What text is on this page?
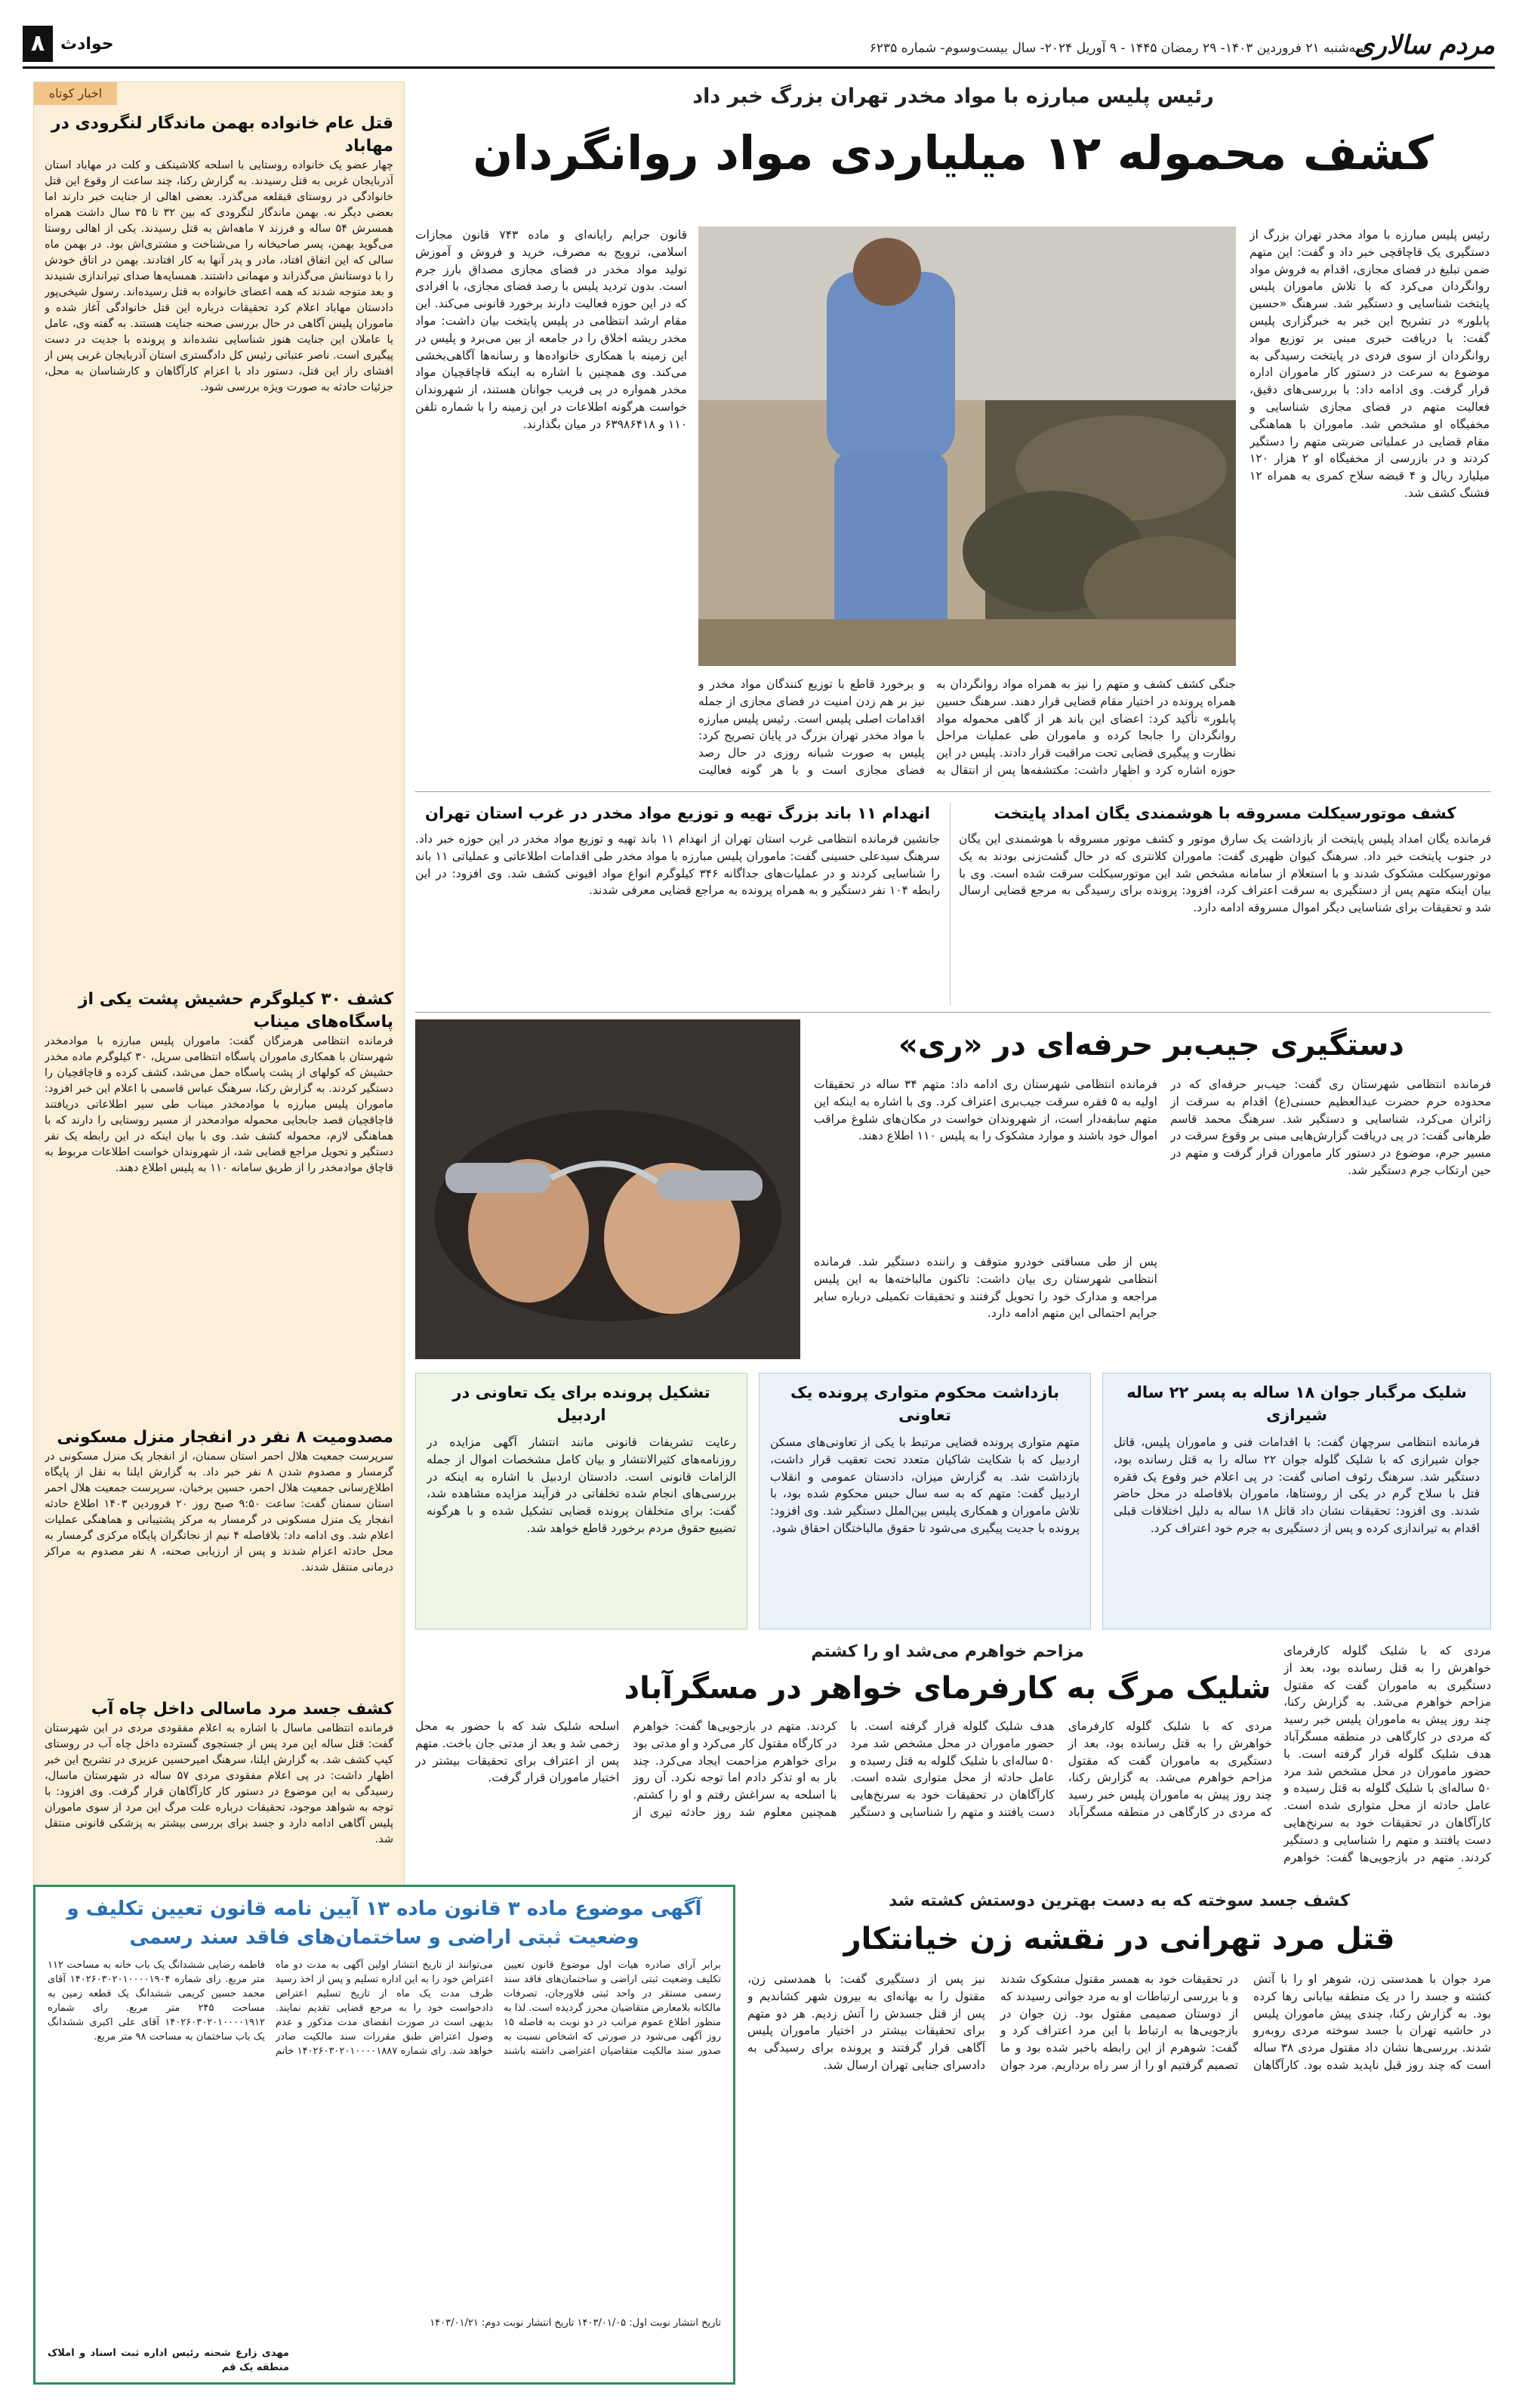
مردم سالاری
سه‌شنبه ۲۱ فروردین ۱۴۰۳- ۲۹ رمضان ۱۴۴۵ - ۹ آوریل ۲۰۲۴- سال بیست‌وسوم- شماره ۶۲۳۵
حوادث
۸
اخبار کوتاه
قتل عام خانواده بهمن ماندگار لنگرودی در مهاباد
چهار عضو یک خانواده روستایی با اسلحه کلاشینکف و کلت در مهاباد استان آذربایجان غربی به قتل رسیدند. به گزارش رکنا، چند ساعت از وقوع این قتل خانوادگی در روستای قبقلعه می‌گذرد. بعضی اهالی از جنایت خبر دارند اما بعضی دیگر نه. بهمن ماندگار لنگرودی که بین ۳۲ تا ۳۵ سال داشت همراه همسرش ۵۴ ساله و فرزند ۷ ماهه‌اش به قتل رسیدند. یکی از اهالی روستا می‌گوید بهمن، پسر صاحبخانه را می‌شناخت و مشتری‌اش بود. در بهمن ماه سالی که این اتفاق افتاد، مادر و پدر آنها به کار افتادند. بهمن در اتاق خودش را با دوستانش می‌گذراند و مهمانی داشتند. همسایه‌ها صدای تیراندازی شنیدند و بعد متوجه شدند که همه اعضای خانواده به قتل رسیده‌اند. رسول شیخی‌پور دادستان مهاباد اعلام کرد تحقیقات درباره این قتل خانوادگی آغاز شده و ماموران پلیس آگاهی در حال بررسی صحنه جنایت هستند. به گفته وی، عامل یا عاملان این جنایت هنوز شناسایی نشده‌اند و پرونده با جدیت در دست پیگیری است. ناصر عتباتی رئیس کل دادگستری استان آذربایجان غربی پس از افشای راز این قتل، دستور داد با اعزام کارآگاهان و کارشناسان به محل، جزئیات حادثه به صورت ویژه بررسی شود.
کشف ۳۰ کیلوگرم حشیش پشت یکی از پاسگاه‌های میناب
فرمانده انتظامی هرمزگان گفت: ماموران پلیس مبارزه با موادمخدر شهرستان با همکاری ماموران پاسگاه انتظامی سرپل، ۳۰ کیلوگرم ماده مخدر حشیش که کولهای از پشت پاسگاه حمل می‌شد، کشف کرده و قاچاقچیان را دستگیر کردند. به گزارش رکنا، سرهنگ عباس قاسمی با اعلام این خبر افزود: ماموران پلیس مبارزه با موادمخدر میناب طی سیر اطلاعاتی دریافتند قاچاقچیان قصد جابجایی محموله موادمخدر از مسیر روستایی را دارند که با هماهنگی لازم، محموله کشف شد. وی با بیان اینکه در این رابطه یک نفر دستگیر و تحویل مراجع قضایی شد، از شهروندان خواست اطلاعات مربوط به قاچاق موادمخدر را از طریق سامانه ۱۱۰ به پلیس اطلاع دهند.
مصدومیت ۸ نفر در انفجار منزل مسکونی
سرپرست جمعیت هلال احمر استان سمنان، از انفجار یک منزل مسکونی در گرمسار و مصدوم شدن ۸ نفر خبر داد. به گزارش ایلنا به نقل از پایگاه اطلاع‌رسانی جمعیت هلال احمر، حسین برخبان، سرپرست جمعیت هلال احمر استان سمنان گفت: ساعت ۹:۵۰ صبح روز ۲۰ فروردین ۱۴۰۳ اطلاع حادثه انفجار یک منزل مسکونی در گرمسار به مرکز پشتیبانی و هماهنگی عملیات اعلام شد. وی ادامه داد: بلافاصله ۴ نیم از نجاتگران پایگاه مرکزی گرمسار به محل حادثه اعزام شدند و پس از ارزیابی صحنه، ۸ نفر مصدوم به مراکز درمانی منتقل شدند.
کشف جسد مرد ماسالی داخل چاه آب
فرمانده انتظامی ماسال با اشاره به اعلام مفقودی مردی در این شهرستان گفت: قتل ساله این مرد پس از جستجوی گسترده داخل چاه آب در روستای کیپ کشف شد. به گزارش ایلنا، سرهنگ امیرحسین عزیزی در تشریح این خبر اظهار داشت: در پی اعلام مفقودی مردی ۵۷ ساله در شهرستان ماسال، رسیدگی به این موضوع در دستور کار کارآگاهان قرار گرفت. وی افزود: با توجه به شواهد موجود، تحقیقات درباره علت مرگ این مرد از سوی ماموران پلیس آگاهی ادامه دارد و جسد برای بررسی بیشتر به پزشکی قانونی منتقل شد.
رئیس پلیس مبارزه با مواد مخدر تهران بزرگ خبر داد
کشف محموله ۱۲ میلیاردی مواد روانگردان
رئیس پلیس مبارزه با مواد مخدر تهران بزرگ از دستگیری یک قاچاقچی خبر داد و گفت: این متهم ضمن تبلیغ در فضای مجازی، اقدام به فروش مواد روانگردان می‌کرد که با تلاش ماموران پلیس پایتخت شناسایی و دستگیر شد. سرهنگ «حسین پابلور» در تشریح این خبر به خبرگزاری پلیس گفت: با دریافت خبری مبنی بر توزیع مواد روانگردان از سوی فردی در پایتخت رسیدگی به موضوع به سرعت در دستور کار ماموران اداره قرار گرفت. وی ادامه داد: با بررسی‌های دقیق، فعالیت متهم در فضای مجازی شناسایی و مخفیگاه او مشخص شد. ماموران با هماهنگی مقام قضایی در عملیاتی ضربتی متهم را دستگیر کردند و در بازرسی از مخفیگاه او ۲ هزار ۱۲۰ میلیارد ریال و ۴ قبضه سلاح کمری به همراه ۱۲ فشنگ کشف شد.
جنگی کشف کشف و متهم را نیز به همراه مواد روانگردان به همراه پرونده در اختیار مقام قضایی قرار دهند. سرهنگ حسین پابلور» تأکید کرد: اعضای این باند هر از گاهی محموله مواد روانگردان را جابجا کرده و ماموران طی عملیات مراحل نظارت و پیگیری قضایی تحت مراقبت قرار دادند. پلیس در این حوزه اشاره کرد و اظهار داشت: مکتشفه‌ها پس از انتقال به
و برخورد قاطع با توزیع کنندگان مواد مخدر و نیز بر هم زدن امنیت در فضای مجازی از جمله اقدامات اصلی پلیس است. رئیس پلیس مبارزه با مواد مخدر تهران بزرگ در پایان تصریح کرد: پلیس به صورت شبانه روزی در حال رصد فضای مجازی است و با هر گونه فعالیت
قانون جرایم رایانه‌ای و ماده ۷۴۳ قانون مجازات اسلامی، ترویج به مصرف، خرید و فروش و آموزش تولید مواد مخدر در فضای مجازی مصداق بارز جرم است. بدون تردید پلیس با رصد فضای مجازی، با افرادی که در این حوزه فعالیت دارند برخورد قانونی می‌کند. این مقام ارشد انتظامی در پلیس پایتخت بیان داشت: مواد مخدر ریشه اخلاق را در جامعه از بین می‌برد و پلیس در این زمینه با همکاری خانواده‌ها و رسانه‌ها آگاهی‌بخشی می‌کند. وی همچنین با اشاره به اینکه قاچاقچیان مواد مخدر همواره در پی فریب جوانان هستند، از شهروندان خواست هرگونه اطلاعات در این زمینه را با شماره تلفن ۱۱۰ و ۶۳۹۸۶۴۱۸ در میان بگذارند.
کشف موتورسیکلت مسروقه با هوشمندی یگان امداد پایتخت
فرمانده یگان امداد پلیس پایتخت از بازداشت یک سارق موتور و کشف موتور مسروقه با هوشمندی این یگان در جنوب پایتخت خبر داد. سرهنگ کیوان ظهیری گفت: ماموران کلانتری که در حال گشت‌زنی بودند به یک موتورسیکلت مشکوک شدند و با استعلام از سامانه مشخص شد این موتورسیکلت سرقت شده است. وی با بیان اینکه متهم پس از دستگیری به سرقت اعتراف کرد، افزود: پرونده برای رسیدگی به مرجع قضایی ارسال شد و تحقیقات برای شناسایی دیگر اموال مسروقه ادامه دارد.
انهدام ۱۱ باند بزرگ تهیه و توزیع مواد مخدر در غرب استان تهران
جانشین فرمانده انتظامی غرب استان تهران از انهدام ۱۱ باند تهیه و توزیع مواد مخدر در این حوزه خبر داد. سرهنگ سیدعلی حسینی گفت: ماموران پلیس مبارزه با مواد مخدر طی اقدامات اطلاعاتی و عملیاتی ۱۱ باند را شناسایی کردند و در عملیات‌های جداگانه ۳۴۶ کیلوگرم انواع مواد افیونی کشف شد. وی افزود: در این رابطه ۱۰۴ نفر دستگیر و به همراه پرونده به مراجع قضایی معرفی شدند.
دستگیری جیب‌بر حرفه‌ای در «ری»
فرمانده انتظامی شهرستان ری گفت: جیب‌بر حرفه‌ای که در محدوده حرم حضرت عبدالعظیم حسنی(ع) اقدام به سرقت از زائران می‌کرد، شناسایی و دستگیر شد. سرهنگ محمد قاسم طرهانی گفت: در پی دریافت گزارش‌هایی مبنی بر وقوع سرقت در مسیر حرم، موضوع در دستور کار ماموران قرار گرفت و متهم در حین ارتکاب جرم دستگیر شد.
فرمانده انتظامی شهرستان ری ادامه داد: متهم ۳۴ ساله در تحقیقات اولیه به ۵ فقره سرقت جیب‌بری اعتراف کرد. وی با اشاره به اینکه این متهم سابقه‌دار است، از شهروندان خواست در مکان‌های شلوغ مراقب اموال خود باشند و موارد مشکوک را به پلیس ۱۱۰ اطلاع دهند.
پس از طی مسافتی خودرو متوقف و راننده دستگیر شد. فرمانده انتظامی شهرستان ری بیان داشت: تاکنون مالباخته‌ها به این پلیس مراجعه و مدارک خود را تحویل گرفتند و تحقیقات تکمیلی درباره سایر جرایم احتمالی این متهم ادامه دارد.
شلیک مرگبار جوان ۱۸ ساله به پسر ۲۲ ساله شیرازی
فرمانده انتظامی سرچهان گفت: با اقدامات فنی و ماموران پلیس، قاتل جوان شیرازی که با شلیک گلوله جوان ۲۲ ساله را به قتل رسانده بود، دستگیر شد. سرهنگ رئوف اصانی گفت: در پی اعلام خبر وقوع یک فقره قتل با سلاح گرم در یکی از روستاها، ماموران بلافاصله در محل حاضر شدند. وی افزود: تحقیقات نشان داد قاتل ۱۸ ساله به دلیل اختلافات قبلی اقدام به تیراندازی کرده و پس از دستگیری به جرم خود اعتراف کرد.
بازداشت محکوم متواری پرونده یک تعاونی
متهم متواری پرونده قضایی مرتبط با یکی از تعاونی‌های مسکن اردبیل که با شکایت شاکیان متعدد تحت تعقیب قرار داشت، بازداشت شد. به گزارش میزان، دادستان عمومی و انقلاب اردبیل گفت: متهم که به سه سال حبس محکوم شده بود، با تلاش ماموران و همکاری پلیس بین‌الملل دستگیر شد. وی افزود: پرونده با جدیت پیگیری می‌شود تا حقوق مالباختگان احقاق شود.
تشکیل پرونده برای یک تعاونی در اردبیل
رعایت تشریفات قانونی مانند انتشار آگهی مزایده در روزنامه‌های کثیرالانتشار و بیان کامل مشخصات اموال از جمله الزامات قانونی است. دادستان اردبیل با اشاره به اینکه در بررسی‌های انجام شده تخلفاتی در فرآیند مزایده مشاهده شد، گفت: برای متخلفان پرونده قضایی تشکیل شده و با هرگونه تضییع حقوق مردم برخورد قاطع خواهد شد.
مزاحم خواهرم می‌شد او را کشتم
شلیک مرگ به کارفرمای خواهر در مسگرآباد
مردی که با شلیک گلوله کارفرمای خواهرش را به قتل رسانده بود، بعد از دستگیری به ماموران گفت که مقتول مزاحم خواهرم می‌شد. به گزارش رکنا، چند روز پیش به ماموران پلیس خبر رسید که مردی در کارگاهی در منطقه مسگرآباد هدف شلیک گلوله قرار گرفته است. با حضور ماموران در محل مشخص شد مرد ۵۰ ساله‌ای با شلیک گلوله به قتل رسیده و عامل حادثه از محل متواری شده است. کارآگاهان در تحقیقات خود به سرنخ‌هایی دست یافتند و متهم را شناسایی و دستگیر کردند. متهم در بازجویی‌ها گفت: خواهرم
مردی که با شلیک گلوله کارفرمای خواهرش را به قتل رسانده بود، بعد از دستگیری به ماموران گفت که مقتول مزاحم خواهرم می‌شد. به گزارش رکنا، چند روز پیش به ماموران پلیس خبر رسید که مردی در کارگاهی در منطقه مسگرآباد هدف شلیک گلوله قرار گرفته است. با حضور ماموران در محل مشخص شد مرد ۵۰ ساله‌ای با شلیک گلوله به قتل رسیده و عامل حادثه از محل متواری شده است. کارآگاهان در تحقیقات خود به سرنخ‌هایی دست یافتند و متهم را شناسایی و دستگیر کردند. متهم در بازجویی‌ها گفت: خواهرم در کارگاه مقتول کار می‌کرد و او مدتی بود برای خواهرم مزاحمت ایجاد می‌کرد. چند بار به او تذکر دادم اما توجه نکرد. آن روز با اسلحه به سراغش رفتم و او را کشتم. همچنین معلوم شد روز حادثه تیری از اسلحه شلیک شد که با حضور به محل زخمی شد و بعد از مدتی جان باخت. متهم پس از اعتراف برای تحقیقات بیشتر در اختیار ماموران قرار گرفت.
آگهی موضوع ماده ۳ قانون ماده ۱۳ آیین نامه قانون تعیین تکلیف و وضعیت ثبتی اراضی و ساختمان‌های فاقد سند رسمی
برابر آرای صادره هیات اول موضوع قانون تعیین تکلیف وضعیت ثبتی اراضی و ساختمان‌های فاقد سند رسمی مستقر در واحد ثبتی فلاورجان، تصرفات مالکانه بلامعارض متقاضیان محرز گردیده است. لذا به منظور اطلاع عموم مراتب در دو نوبت به فاصله ۱۵ روز آگهی می‌شود در صورتی که اشخاص نسبت به صدور سند مالکیت متقاضیان اعتراضی داشته باشند می‌توانند از تاریخ انتشار اولین آگهی به مدت دو ماه اعتراض خود را به این اداره تسلیم و پس از اخذ رسید ظرف مدت یک ماه از تاریخ تسلیم اعتراض دادخواست خود را به مرجع قضایی تقدیم نمایند. بدیهی است در صورت انقضای مدت مذکور و عدم وصول اعتراض طبق مقررات سند مالکیت صادر خواهد شد. رای شماره ۱۴۰۲۶۰۳۰۲۰۱۰۰۰۰۱۸۸۷ خانم فاطمه رضایی ششدانگ یک باب خانه به مساحت ۱۱۲ متر مربع. رای شماره ۱۴۰۲۶۰۳۰۲۰۱۰۰۰۰۱۹۰۴ آقای محمد حسین کریمی ششدانگ یک قطعه زمین به مساحت ۲۴۵ متر مربع. رای شماره ۱۴۰۲۶۰۳۰۲۰۱۰۰۰۰۱۹۱۲ آقای علی اکبری ششدانگ یک باب ساختمان به مساحت ۹۸ متر مربع.
تاریخ انتشار نوبت اول: ۱۴۰۳/۰۱/۰۵ تاریخ انتشار نوبت دوم: ۱۴۰۳/۰۱/۲۱
مهدی زارع شحنه رئیس اداره ثبت اسناد و املاک منطقه یک قم
کشف جسد سوخته که به دست بهترین دوستش کشته شد
قتل مرد تهرانی در نقشه زن خیانتکار
مرد جوان با همدستی زن، شوهر او را با آتش کشته و جسد را در یک منطقه بیابانی رها کرده بود. به گزارش رکنا، چندی پیش ماموران پلیس در حاشیه تهران با جسد سوخته مردی روبه‌رو شدند. بررسی‌ها نشان داد مقتول مردی ۳۸ ساله است که چند روز قبل ناپدید شده بود. کارآگاهان در تحقیقات خود به همسر مقتول مشکوک شدند و با بررسی ارتباطات او به مرد جوانی رسیدند که از دوستان صمیمی مقتول بود. زن جوان در بازجویی‌ها به ارتباط با این مرد اعتراف کرد و گفت: شوهرم از این رابطه باخبر شده بود و ما تصمیم گرفتیم او را از سر راه برداریم. مرد جوان نیز پس از دستگیری گفت: با همدستی زن، مقتول را به بهانه‌ای به بیرون شهر کشاندیم و پس از قتل جسدش را آتش زدیم. هر دو متهم برای تحقیقات بیشتر در اختیار ماموران پلیس آگاهی قرار گرفتند و پرونده برای رسیدگی به دادسرای جنایی تهران ارسال شد.
